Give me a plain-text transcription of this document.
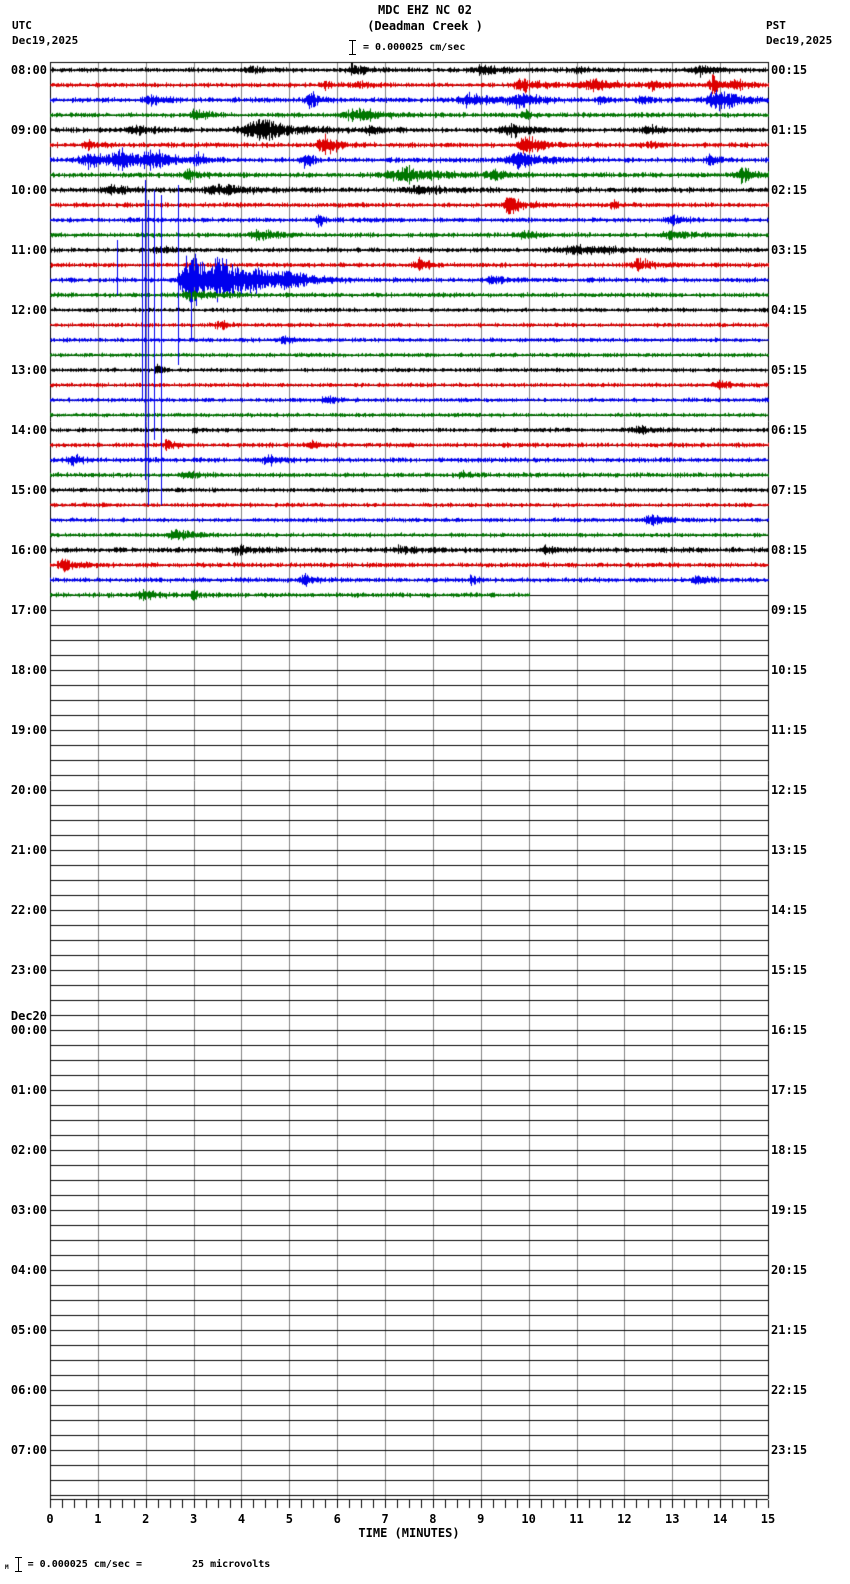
MDC EHZ NC 02
(Deadman Creek )
UTC
Dec19,2025
PST
Dec19,2025
= 0.000025 cm/sec
08:00	00:15
09:00	01:15
10:00	02:15
11:00	03:15
12:00	04:15
13:00	05:15
14:00	06:15
15:00	07:15
16:00	08:15
17:00	09:15
18:00	10:15
19:00	11:15
20:00	12:15
21:00	13:15
22:00	14:15
23:00	15:15
Dec20
00:00	16:15
01:00	17:15
02:00	18:15
03:00	19:15
04:00	20:15
05:00	21:15
06:00	22:15
07:00	23:15
0	1	2	3	4	5	6	7	8	9	10	11	12	13	14	15
TIME (MINUTES)
M = 0.000025 cm/sec =	25 microvolts
